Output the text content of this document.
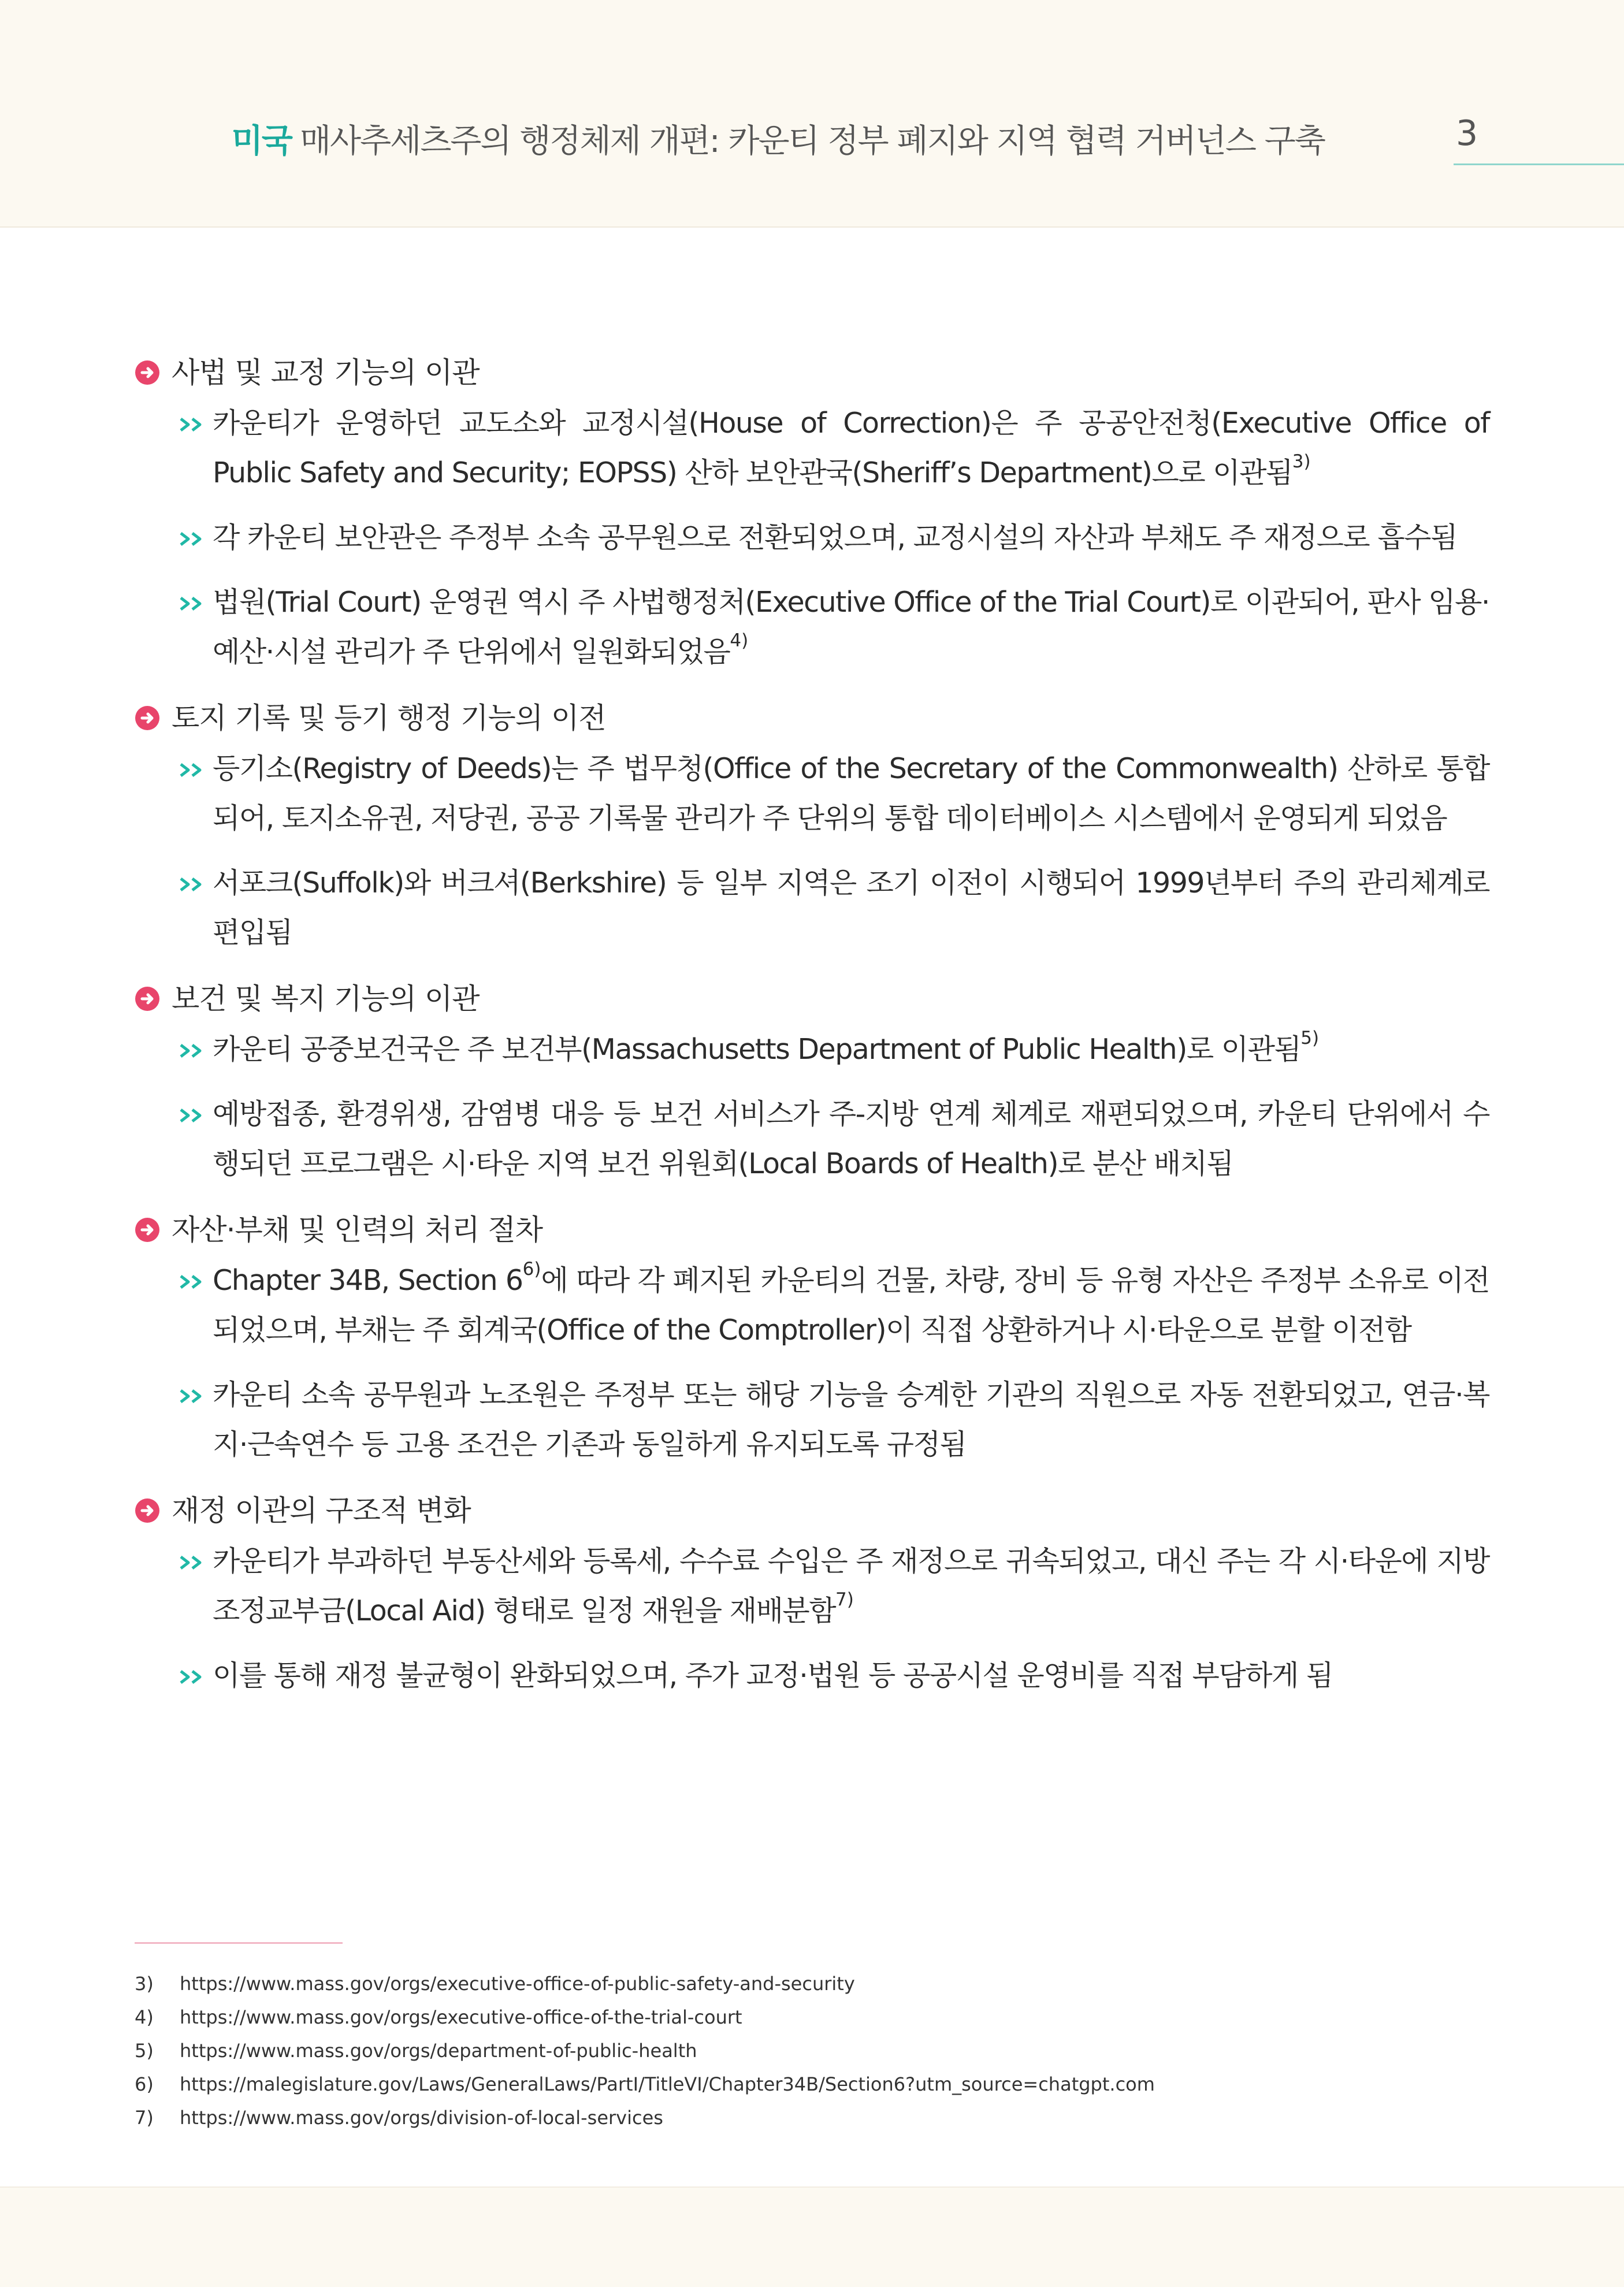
미국 매사추세츠주의 행정체제 개편: 카운티 정부 폐지와 지역 협력 거버넌스 구축	3
사법 및 교정 기능의 이관
카운티가 운영하던 교도소와 교정시설(House of Correction)은 주 공공안전청(Executive Office of Public Safety and Security; EOPSS) 산하 보안관국(Sheriff’s Department)으로 이관됨$^{3)}$
각 카운티 보안관은 주정부 소속 공무원으로 전환되었으며, 교정시설의 자산과 부채도 주 재정으로 흡수됨
법원(Trial Court) 운영권 역시 주 사법행정처(Executive Office of the Trial Court)로 이관되어, 판사 임용·예산·시설 관리가 주 단위에서 일원화되었음$^{4)}$
토지 기록 및 등기 행정 기능의 이전
등기소(Registry of Deeds)는 주 법무청(Office of the Secretary of the Commonwealth) 산하로 통합되어, 토지소유권, 저당권, 공공 기록물 관리가 주 단위의 통합 데이터베이스 시스템에서 운영되게 되었음
서포크(Suffolk)와 버크셔(Berkshire) 등 일부 지역은 조기 이전이 시행되어 1999년부터 주의 관리체계로 편입됨
보건 및 복지 기능의 이관
카운티 공중보건국은 주 보건부(Massachusetts Department of Public Health)로 이관됨$^{5)}$
예방접종, 환경위생, 감염병 대응 등 보건 서비스가 주-지방 연계 체계로 재편되었으며, 카운티 단위에서 수행되던 프로그램은 시·타운 지역 보건 위원회(Local Boards of Health)로 분산 배치됨
자산·부채 및 인력의 처리 절차
Chapter 34B, Section 6$^{6)}$에 따라 각 폐지된 카운티의 건물, 차량, 장비 등 유형 자산은 주정부 소유로 이전되었으며, 부채는 주 회계국(Office of the Comptroller)이 직접 상환하거나 시·타운으로 분할 이전함
카운티 소속 공무원과 노조원은 주정부 또는 해당 기능을 승계한 기관의 직원으로 자동 전환되었고, 연금·복지·근속연수 등 고용 조건은 기존과 동일하게 유지되도록 규정됨
재정 이관의 구조적 변화
카운티가 부과하던 부동산세와 등록세, 수수료 수입은 주 재정으로 귀속되었고, 대신 주는 각 시·타운에 지방조정교부금(Local Aid) 형태로 일정 재원을 재배분함$^{7)}$
이를 통해 재정 불균형이 완화되었으며, 주가 교정·법원 등 공공시설 운영비를 직접 부담하게 됨
3) https://www.mass.gov/orgs/executive-office-of-public-safety-and-security
4) https://www.mass.gov/orgs/executive-office-of-the-trial-court
5) https://www.mass.gov/orgs/department-of-public-health
6) https://malegislature.gov/Laws/GeneralLaws/PartI/TitleVI/Chapter34B/Section6?utm_source=chatgpt.com
7) https://www.mass.gov/orgs/division-of-local-services
